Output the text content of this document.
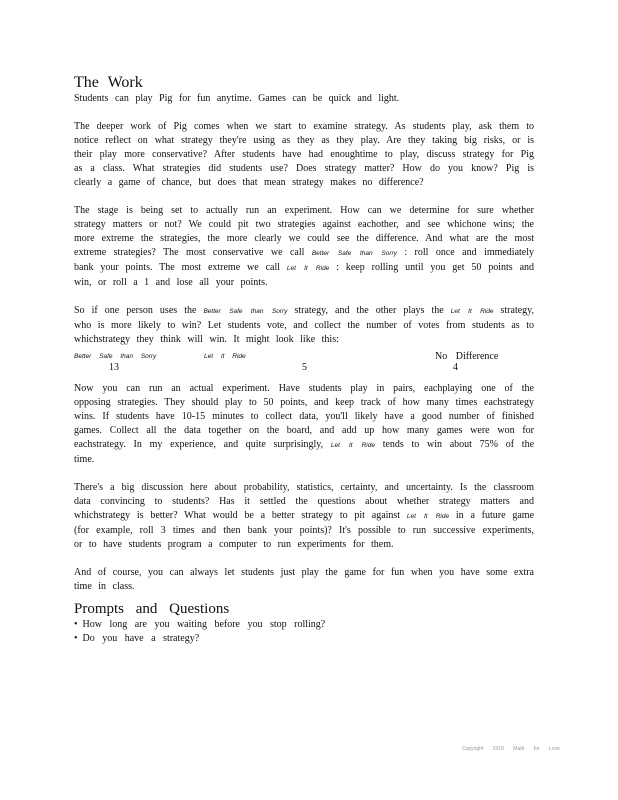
The Work

Students can play Pig for fun anytime. Games can be quick and light.

The deeper work of Pig comes when we start to examine strategy. As students play, ask them to notice reflect on what strategy they're using as they as they play. Are they taking big risks, or is their play more conservative? After students have had enoughtime to play, discuss strategy for Pig as a class. What strategies did students use? Does strategy matter? How do you know? Pig is clearly a game of chance, but does that mean strategy makes no difference?

The stage is being set to actually run an experiment. How can we determine for sure whether strategy matters or not? We could pit two strategies against eachother, and see whichone wins; the more extreme the strategies, the more clearly we could see the difference. And what are the most extreme strategies? The most conservative we call Better Safe than Sorry : roll once and immediately bank your points. The most extreme we call Let It Ride : keep rolling until you get 50 points and win, or roll a 1 and lose all your points.

So if one person uses the Better Safe than Sorry strategy, and the other plays the Let It Ride strategy, who is more likely to win? Let students vote, and collect the number of votes from students as to whichstrategy they think will win. It might look like this:

Better Safe than Sorry	Let It Ride	No Difference
13	5	4

Now you can run an actual experiment. Have students play in pairs, eachplaying one of the opposing strategies. They should play to 50 points, and keep track of how many times eachstrategy wins. If students have 10-15 minutes to collect data, you'll likely have a good number of finished games. Collect all the data together on the board, and add up how many games were won for eachstrategy. In my experience, and quite surprisingly, Let It Ride tends to win about 75% of the time.

There's a big discussion here about probability, statistics, certainty, and uncertainty. Is the classroom data convincing to students? Has it settled the questions about whether strategy matters and whichstrategy is better? What would be a better strategy to pit against Let It Ride in a future game (for example, roll 3 times and then bank your points)? It's possible to run successive experiments, or to have students program a computer to run experiments for them.

And of course, you can always let students just play the game for fun when you have some extra time in class.

Prompts and Questions
• How long are you waiting before you stop rolling?
• Do you have a strategy?
Copyright 2018 Math for Love
